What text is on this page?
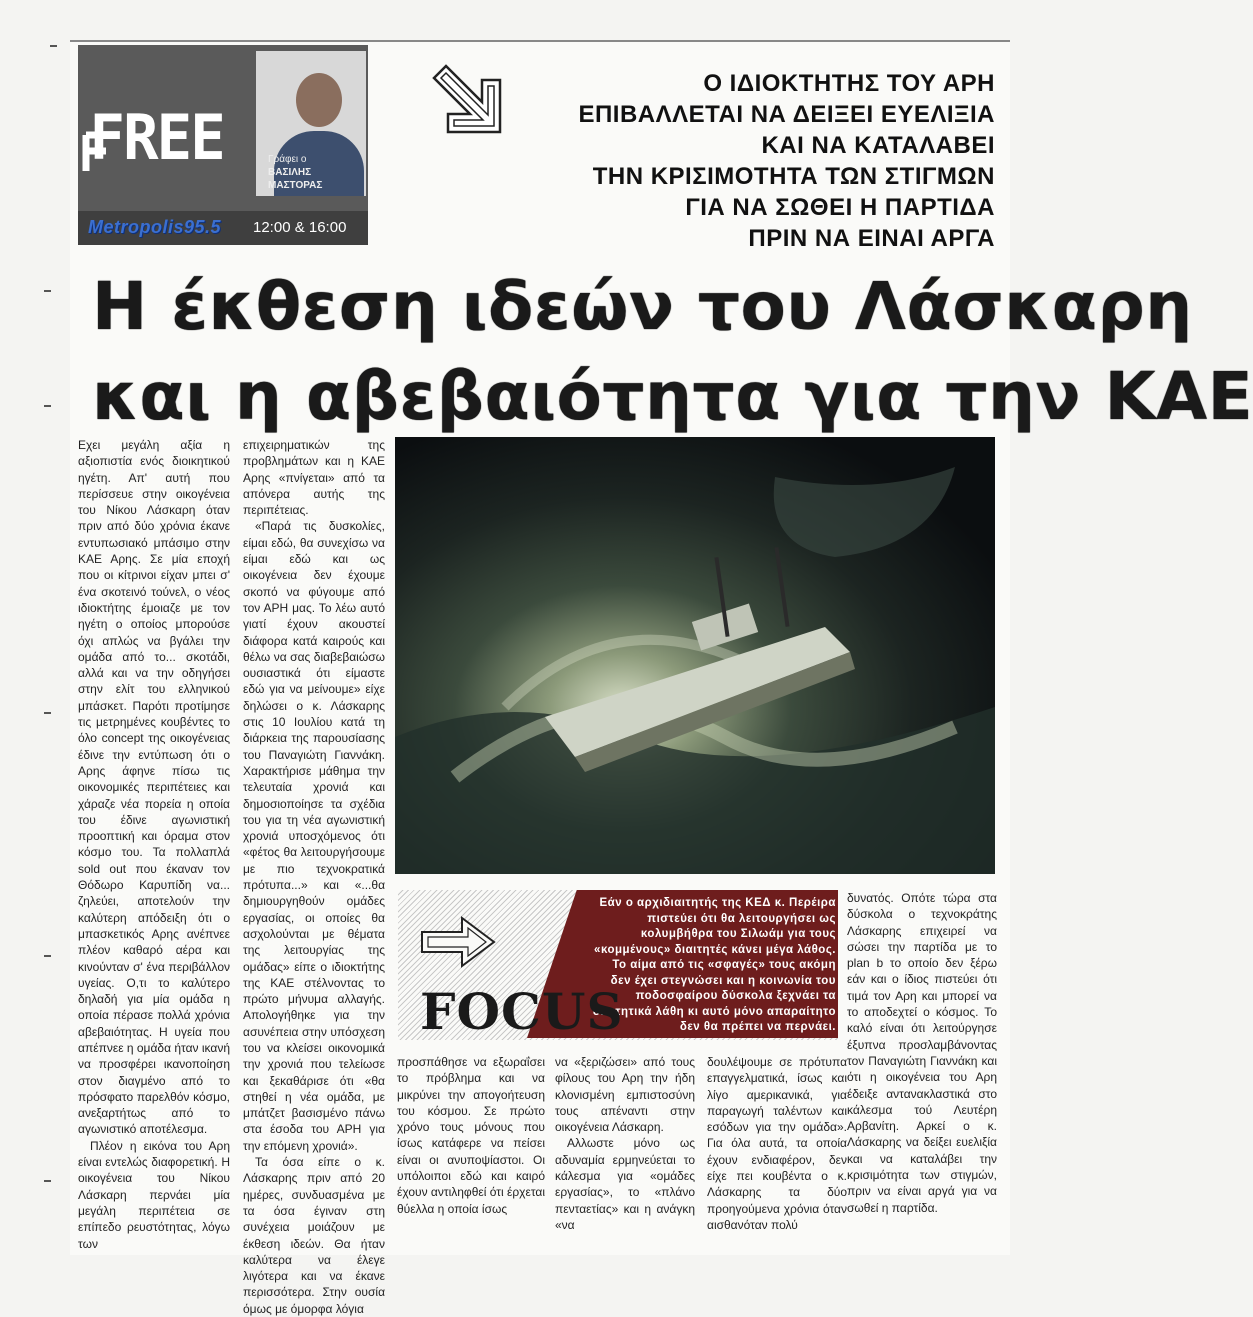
FREE	Γράφει ο
ΒΑΣΙΛΗΣ
ΜΑΣΤΟΡΑΣ
Metropolis95.5 12:00 & 16:00
Ο ΙΔΙΟΚΤΗΤΗΣ ΤΟΥ ΑΡΗ
ΕΠΙΒΑΛΛΕΤΑΙ ΝΑ ΔΕΙΞΕΙ ΕΥΕΛΙΞΙΑ
ΚΑΙ ΝΑ ΚΑΤΑΛΑΒΕΙ
ΤΗΝ ΚΡΙΣΙΜΟΤΗΤΑ ΤΩΝ ΣΤΙΓΜΩΝ
ΓΙΑ ΝΑ ΣΩΘΕΙ Η ΠΑΡΤΙΔΑ
ΠΡΙΝ ΝΑ ΕΙΝΑΙ ΑΡΓΑ
Η έκθεση ιδεών του Λάσκαρη
και η αβεβαιότητα για την ΚΑΕ

Εχει μεγάλη αξία η αξιοπιστία ενός διοικητικού ηγέτη. Απ' αυτή που περίσσευε στην οικογένεια του Νίκου Λάσκαρη όταν πριν από δύο χρόνια έκανε εντυπωσιακό μπάσιμο στην ΚΑΕ Αρης. Σε μία εποχή που οι κίτρινοι είχαν μπει σ' ένα σκοτεινό τούνελ, ο νέος ιδιοκτήτης έμοιαζε με τον ηγέτη ο οποίος μπορούσε όχι απλώς να βγάλει την ομάδα από το... σκοτάδι, αλλά και να την οδηγήσει στην ελίτ του ελληνικού μπάσκετ. Παρότι προτίμησε τις μετρημένες κουβέντες το όλο concept της οικογένειας έδινε την εντύπωση ότι ο Αρης άφηνε πίσω τις οικονομικές περιπέτειες και χάραζε νέα πορεία η οποία του έδινε αγωνιστική προοπτική και όραμα στον κόσμο του. Τα πολλαπλά sold out που έκαναν τον Θόδωρο Καρυπίδη να... ζηλεύει, αποτελούν την καλύτερη απόδειξη ότι ο μπασκετικός Αρης ανέπνεε πλέον καθαρό αέρα και κινούνταν σ' ένα περιβάλλον υγείας. Ο,τι το καλύτερο δηλαδή για μία ομάδα η οποία πέρασε πολλά χρόνια αβεβαιότητας. Η υγεία που απέπνεε η ομάδα ήταν ικανή να προσφέρει ικανοποίηση στον διαγμένο από το πρόσφατο παρελθόν κόσμο, ανεξαρτήτως από το αγωνιστικό αποτέλεσμα.

Πλέον η εικόνα του Αρη είναι εντελώς διαφορετική. Η οικογένεια του Νίκου Λάσκαρη περνάει μία μεγάλη περιπέτεια σε επίπεδο ρευστότητας, λόγω των

επιχειρηματικών της προβλημάτων και η ΚΑΕ Αρης «πνίγεται» από τα απόνερα αυτής της περιπέτειας.

«Παρά τις δυσκολίες, είμαι εδώ, θα συνεχίσω να είμαι εδώ και ως οικογένεια δεν έχουμε σκοπό να φύγουμε από τον ΑΡΗ μας. Το λέω αυτό γιατί έχουν ακουστεί διάφορα κατά καιρούς και θέλω να σας διαβεβαιώσω ουσιαστικά ότι είμαστε εδώ για να μείνουμε» είχε δηλώσει ο κ. Λάσκαρης στις 10 Ιουλίου κατά τη διάρκεια της παρουσίασης του Παναγιώτη Γιαννάκη. Χαρακτήρισε μάθημα την τελευταία χρονιά και δημοσιοποίησε τα σχέδια του για τη νέα αγωνιστική χρονιά υποσχόμενος ότι «φέτος θα λειτουργήσουμε με πιο τεχνοκρατικά πρότυπα...» και «...θα δημιουργηθούν ομάδες εργασίας, οι οποίες θα ασχολούνται με θέματα της λειτουργίας της ομάδας» είπε ο ιδιοκτήτης της ΚΑΕ στέλνοντας το πρώτο μήνυμα αλλαγής. Απολογήθηκε για την ασυνέπεια στην υπόσχεση του να κλείσει οικονομικά την χρονιά που τελείωσε και ξεκαθάρισε ότι «θα στηθεί η νέα ομάδα, με μπάτζετ βασισμένο πάνω στα έσοδα του ΑΡΗ για την επόμενη χρονιά».

Τα όσα είπε ο κ. Λάσκαρης πριν από 20 ημέρες, συνδυασμένα με τα όσα έγιναν στη συνέχεια μοιάζουν με έκθεση ιδεών. Θα ήταν καλύτερα να έλεγε λιγότερα και να έκανε περισσότερα. Στην ουσία όμως με όμορφα λόγια

Εάν ο αρχιδιαιτητής της ΚΕΔ κ. Περέιρα πιστεύει ότι θα λειτουργήσει ως κολυμβήθρα του Σιλωάμ για τους «κομμένους» διαιτητές κάνει μέγα λάθος. Το αίμα από τις «σφαγές» τους ακόμη δεν έχει στεγνώσει και η κοινωνία του ποδοσφαίρου δύσκολα ξεχνάει τα διαιτητικά λάθη κι αυτό μόνο απαραίτητο δεν θα πρέπει να περνάει.
FOCUS

προσπάθησε να εξωραΐσει το πρόβλημα και να μικρύνει την απογοήτευση του κόσμου. Σε πρώτο χρόνο τους μόνους που ίσως κατάφερε να πείσει είναι οι ανυποψίαστοι. Οι υπόλοιποι εδώ και καιρό έχουν αντιληφθεί ότι έρχεται θύελλα η οποία ίσως

να «ξεριζώσει» από τους φίλους του Αρη την ήδη κλονισμένη εμπιστοσύνη τους απέναντι στην οικογένεια Λάσκαρη.

Αλλωστε μόνο ως αδυναμία ερμηνεύεται το κάλεσμα για «ομάδες εργασίας», το «πλάνο πενταετίας» και η ανάγκη «να

δουλέψουμε σε πρότυπα επαγγελματικά, ίσως και λίγο αμερικανικά, για παραγωγή ταλέντων και εσόδων για την ομάδα». Για όλα αυτά, τα οποία έχουν ενδιαφέρον, δεν είχε πει κουβέντα ο κ. Λάσκαρης τα δύο προηγούμενα χρόνια όταν αισθανόταν πολύ

δυνατός. Οπότε τώρα στα δύσκολα ο τεχνοκράτης Λάσκαρης επιχειρεί να σώσει την παρτίδα με το plan b το οποίο δεν ξέρω εάν και ο ίδιος πιστεύει ότι τιμά τον Αρη και μπορεί να το αποδεχτεί ο κόσμος. Το καλό είναι ότι λειτούργησε έξυπνα προσλαμβάνοντας τον Παναγιώτη Γιαννάκη και ότι η οικογένεια του Αρη έδειξε αντανακλαστικά στο κάλεσμα τού Λευτέρη Αρβανίτη. Αρκεί ο κ. Λάσκαρης να δείξει ευελιξία και να καταλάβει την κρισιμότητα των στιγμών, πριν να είναι αργά για να σωθεί η παρτίδα.
